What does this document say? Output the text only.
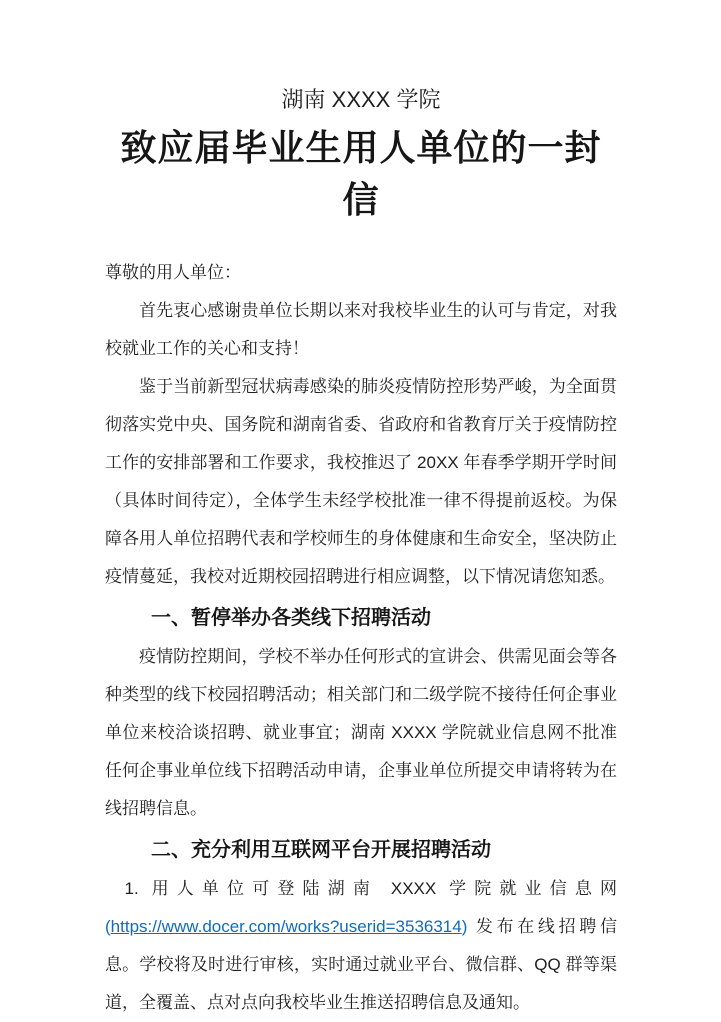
湖南 XXXX 学院
致应届毕业生用人单位的一封信

尊敬的用人单位：

首先衷心感谢贵单位长期以来对我校毕业生的认可与肯定，对我校就业工作的关心和支持！

鉴于当前新型冠状病毒感染的肺炎疫情防控形势严峻，为全面贯彻落实党中央、国务院和湖南省委、省政府和省教育厅关于疫情防控工作的安排部署和工作要求，我校推迟了 20XX 年春季学期开学时间（具体时间待定），全体学生未经学校批准一律不得提前返校。为保障各用人单位招聘代表和学校师生的身体健康和生命安全，坚决防止疫情蔓延，我校对近期校园招聘进行相应调整，以下情况请您知悉。

一、暂停举办各类线下招聘活动

疫情防控期间，学校不举办任何形式的宣讲会、供需见面会等各种类型的线下校园招聘活动；相关部门和二级学院不接待任何企事业单位来校洽谈招聘、就业事宜；湖南 XXXX 学院就业信息网不批准任何企事业单位线下招聘活动申请，企事业单位所提交申请将转为在线招聘信息。

二、充分利用互联网平台开展招聘活动

1. 用人单位可登陆湖南 XXXX 学院就业信息网(https://www.docer.com/works?userid=3536314) 发布在线招聘信息。学校将及时进行审核，实时通过就业平台、微信群、QQ 群等渠道，全覆盖、点对点向我校毕业生推送招聘信息及通知。
